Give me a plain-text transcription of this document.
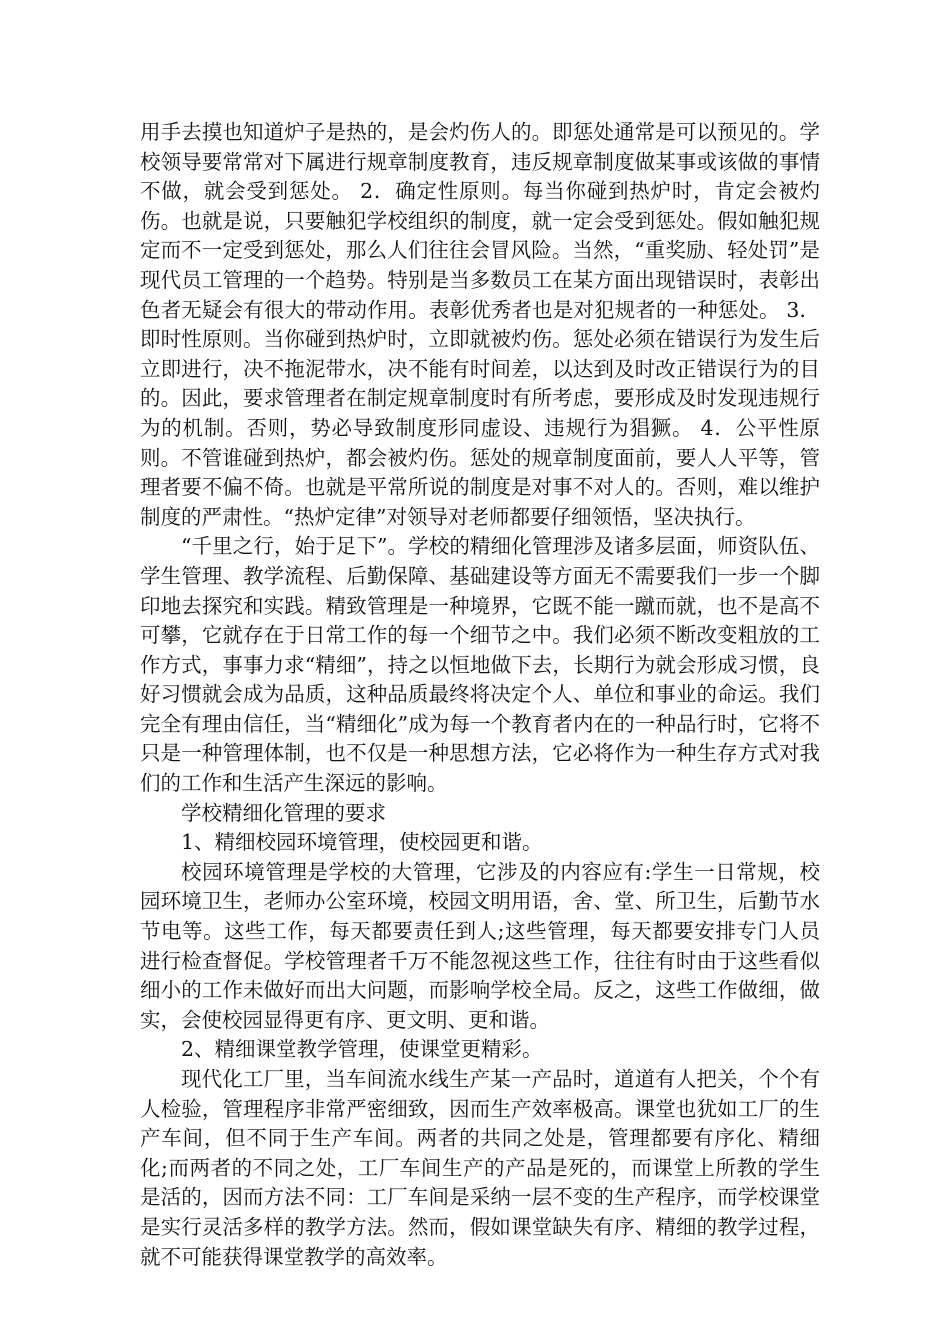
用手去摸也知道炉子是热的，是会灼伤人的。即惩处通常是可以预见的。学校领导要常常对下属进行规章制度教育，违反规章制度做某事或该做的事情不做，就会受到惩处。 2．确定性原则。每当你碰到热炉时，肯定会被灼伤。也就是说，只要触犯学校组织的制度，就一定会受到惩处。假如触犯规定而不一定受到惩处，那么人们往往会冒风险。当然，“重奖励、轻处罚”是现代员工管理的一个趋势。特别是当多数员工在某方面出现错误时，表彰出色者无疑会有很大的带动作用。表彰优秀者也是对犯规者的一种惩处。 3．即时性原则。当你碰到热炉时，立即就被灼伤。惩处必须在错误行为发生后立即进行，决不拖泥带水，决不能有时间差，以达到及时改正错误行为的目的。因此，要求管理者在制定规章制度时有所考虑，要形成及时发现违规行为的机制。否则，势必导致制度形同虚设、违规行为猖獗。 4．公平性原则。不管谁碰到热炉，都会被灼伤。惩处的规章制度面前，要人人平等，管理者要不偏不倚。也就是平常所说的制度是对事不对人的。否则，难以维护制度的严肃性。“热炉定律”对领导对老师都要仔细领悟，坚决执行。

“千里之行，始于足下”。学校的精细化管理涉及诸多层面，师资队伍、学生管理、教学流程、后勤保障、基础建设等方面无不需要我们一步一个脚印地去探究和实践。精致管理是一种境界，它既不能一蹴而就，也不是高不可攀，它就存在于日常工作的每一个细节之中。我们必须不断改变粗放的工作方式，事事力求“精细”，持之以恒地做下去，长期行为就会形成习惯，良好习惯就会成为品质，这种品质最终将决定个人、单位和事业的命运。我们完全有理由信任，当“精细化”成为每一个教育者内在的一种品行时，它将不只是一种管理体制，也不仅是一种思想方法，它必将作为一种生存方式对我们的工作和生活产生深远的影响。

学校精细化管理的要求

1、精细校园环境管理，使校园更和谐。

校园环境管理是学校的大管理，它涉及的内容应有:学生一日常规，校园环境卫生，老师办公室环境，校园文明用语，舍、堂、所卫生，后勤节水节电等。这些工作，每天都要责任到人;这些管理，每天都要安排专门人员进行检查督促。学校管理者千万不能忽视这些工作，往往有时由于这些看似细小的工作未做好而出大问题，而影响学校全局。反之，这些工作做细，做实，会使校园显得更有序、更文明、更和谐。

2、精细课堂教学管理，使课堂更精彩。

现代化工厂里，当车间流水线生产某一产品时，道道有人把关，个个有人检验，管理程序非常严密细致，因而生产效率极高。课堂也犹如工厂的生产车间，但不同于生产车间。两者的共同之处是，管理都要有序化、精细化;而两者的不同之处，工厂车间生产的产品是死的，而课堂上所教的学生是活的，因而方法不同：工厂车间是采纳一层不变的生产程序，而学校课堂是实行灵活多样的教学方法。然而，假如课堂缺失有序、精细的教学过程，就不可能获得课堂教学的高效率。
